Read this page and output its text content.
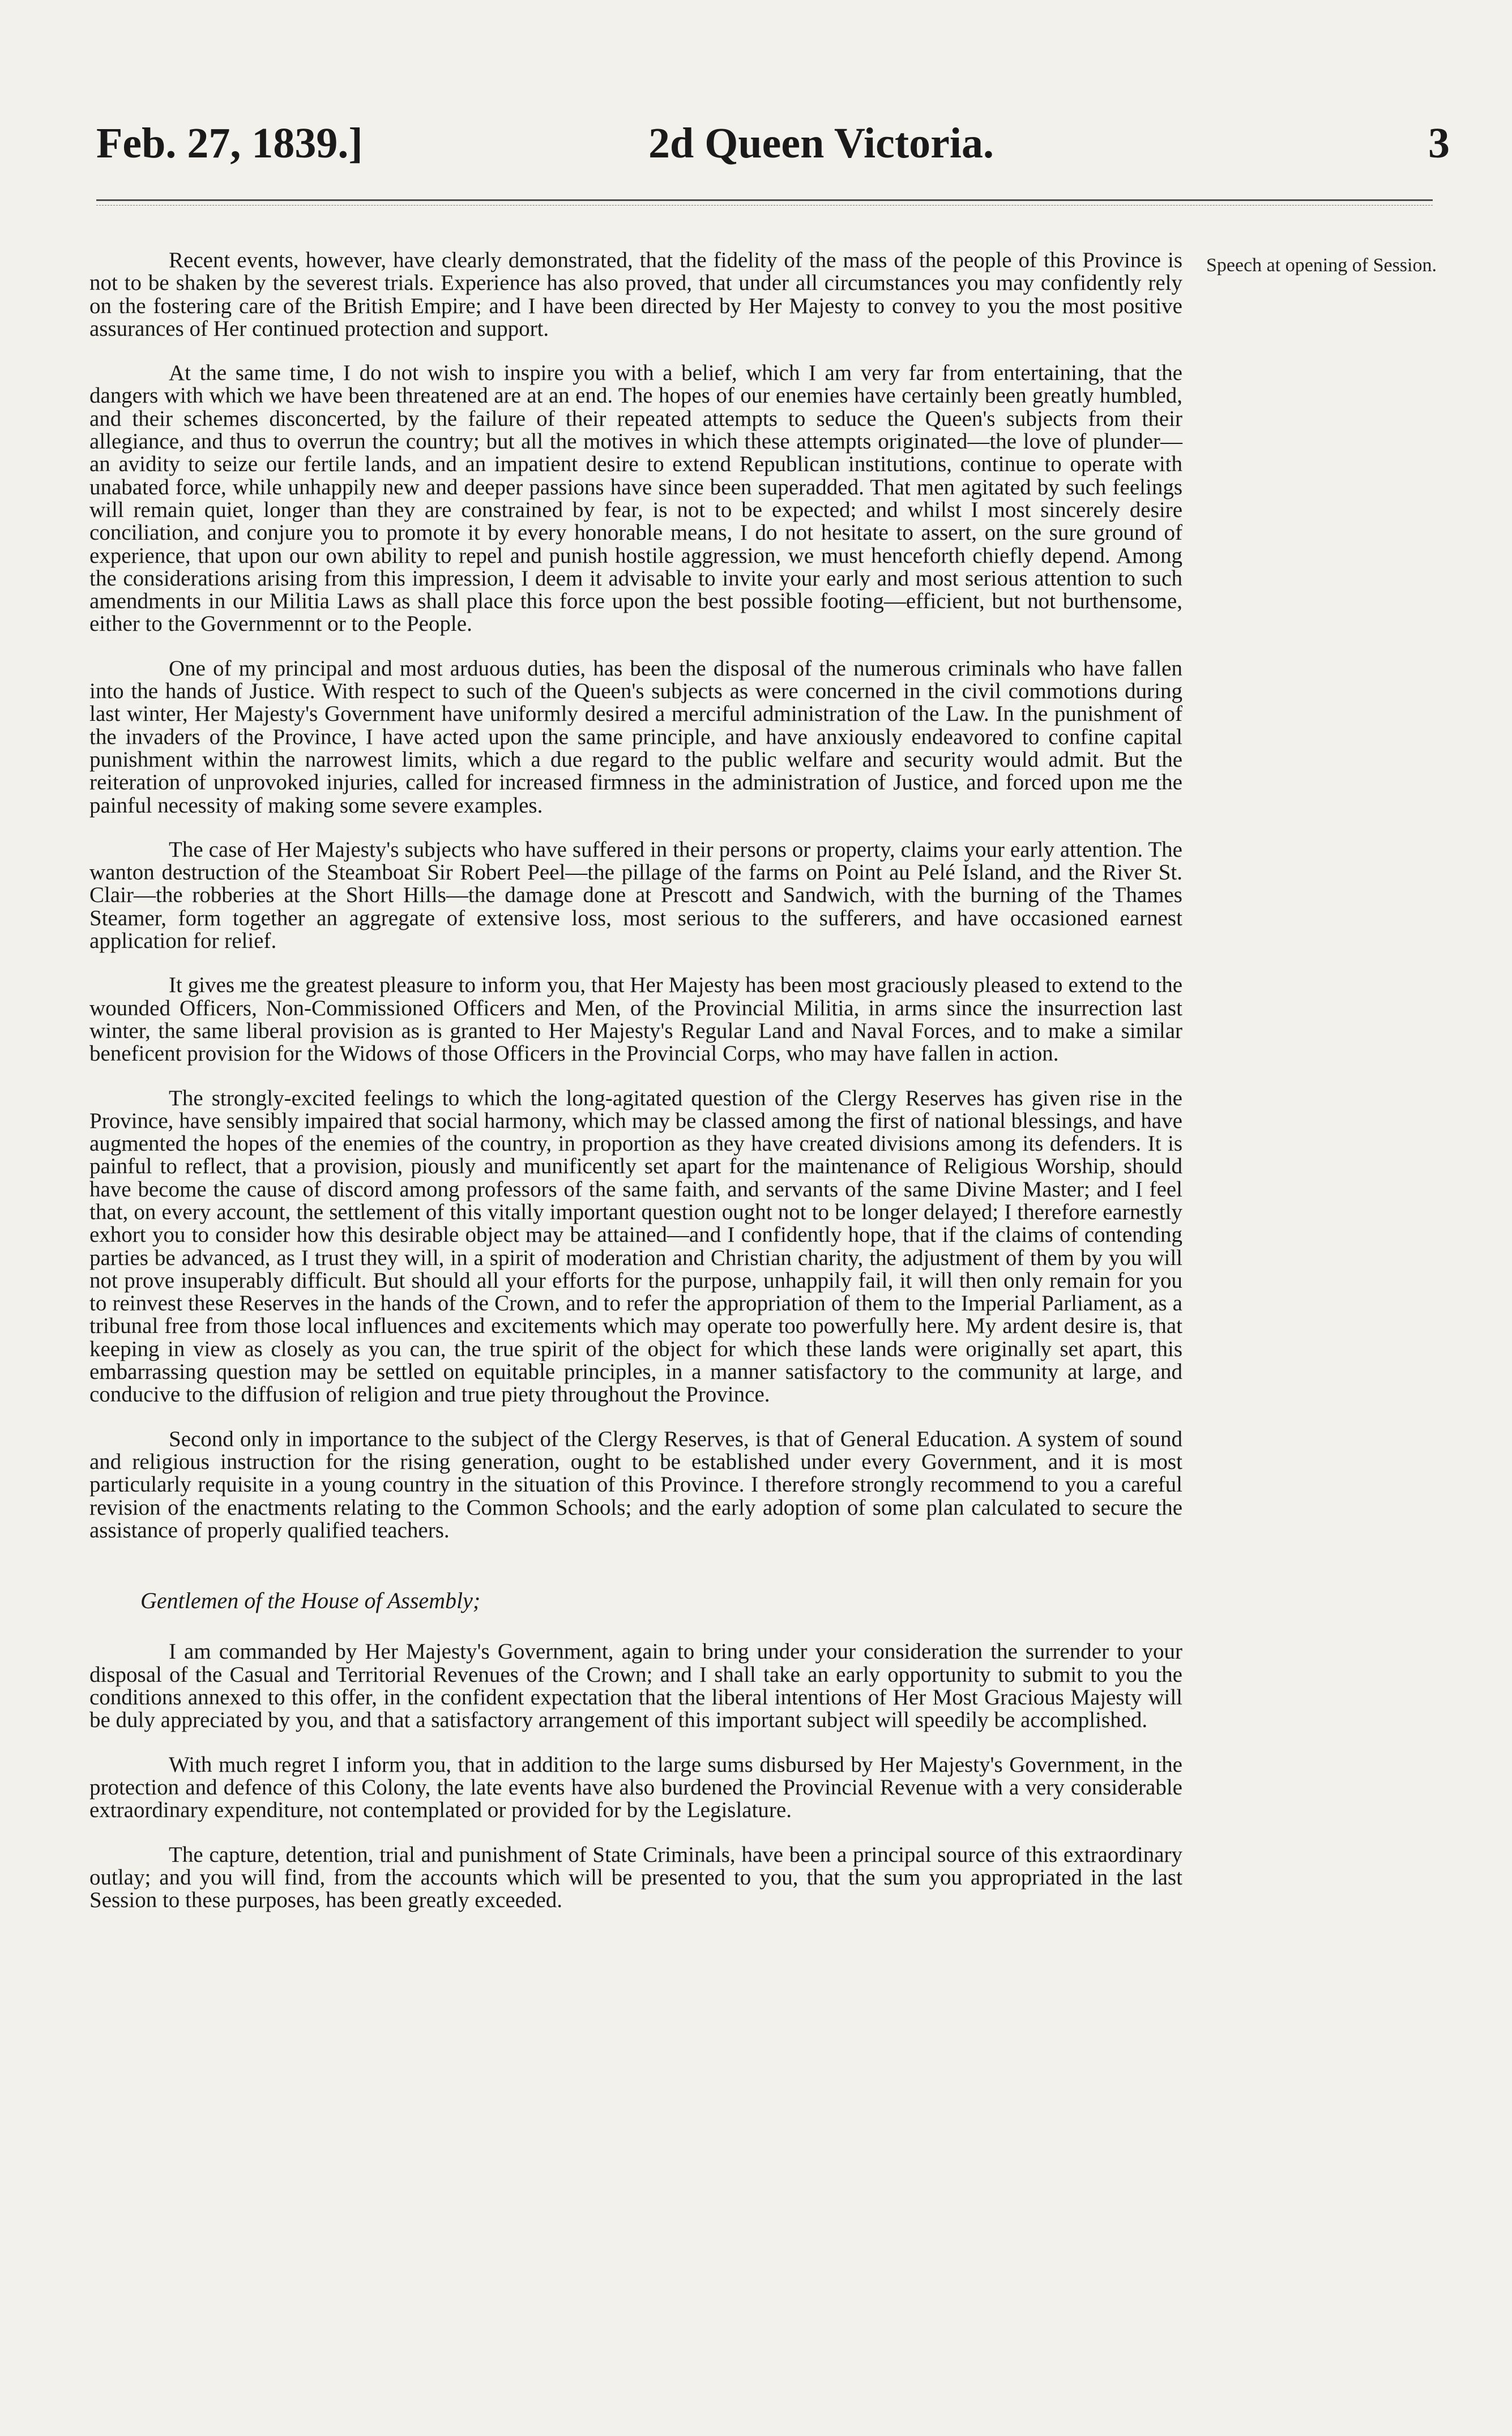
Feb. 27, 1839.]	2d Queen Victoria.	3
Speech at opening of Session.

Recent events, however, have clearly demonstrated, that the fidelity of the mass of the people of this Province is not to be shaken by the severest trials. Experience has also proved, that under all circumstances you may confidently rely on the fostering care of the British Empire; and I have been directed by Her Majesty to convey to you the most positive assurances of Her continued protection and support.

At the same time, I do not wish to inspire you with a belief, which I am very far from entertaining, that the dangers with which we have been threatened are at an end. The hopes of our enemies have certainly been greatly humbled, and their schemes disconcerted, by the failure of their repeated attempts to seduce the Queen's subjects from their allegiance, and thus to overrun the country; but all the motives in which these attempts originated—the love of plunder—an avidity to seize our fertile lands, and an impatient desire to extend Republican institutions, continue to operate with unabated force, while unhappily new and deeper passions have since been superadded. That men agitated by such feelings will remain quiet, longer than they are constrained by fear, is not to be expected; and whilst I most sincerely desire conciliation, and conjure you to promote it by every honorable means, I do not hesitate to assert, on the sure ground of experience, that upon our own ability to repel and punish hostile aggression, we must henceforth chiefly depend. Among the considerations arising from this impression, I deem it advisable to invite your early and most serious attention to such amendments in our Militia Laws as shall place this force upon the best possible footing—efficient, but not burthensome, either to the Governmennt or to the People.

One of my principal and most arduous duties, has been the disposal of the numerous criminals who have fallen into the hands of Justice. With respect to such of the Queen's subjects as were concerned in the civil commotions during last winter, Her Majesty's Government have uniformly desired a merciful administration of the Law. In the punishment of the invaders of the Province, I have acted upon the same principle, and have anxiously endeavored to confine capital punishment within the narrowest limits, which a due regard to the public welfare and security would admit. But the reiteration of unprovoked injuries, called for increased firmness in the administration of Justice, and forced upon me the painful necessity of making some severe examples.

The case of Her Majesty's subjects who have suffered in their persons or property, claims your early attention. The wanton destruction of the Steamboat Sir Robert Peel—the pillage of the farms on Point au Pelé Island, and the River St. Clair—the robberies at the Short Hills—the damage done at Prescott and Sandwich, with the burning of the Thames Steamer, form together an aggregate of extensive loss, most serious to the sufferers, and have occasioned earnest application for relief.

It gives me the greatest pleasure to inform you, that Her Majesty has been most graciously pleased to extend to the wounded Officers, Non-Commissioned Officers and Men, of the Provincial Militia, in arms since the insurrection last winter, the same liberal provision as is granted to Her Majesty's Regular Land and Naval Forces, and to make a similar beneficent provision for the Widows of those Officers in the Provincial Corps, who may have fallen in action.

The strongly-excited feelings to which the long-agitated question of the Clergy Reserves has given rise in the Province, have sensibly impaired that social harmony, which may be classed among the first of national blessings, and have augmented the hopes of the enemies of the country, in proportion as they have created divisions among its defenders. It is painful to reflect, that a provision, piously and munificently set apart for the maintenance of Religious Worship, should have become the cause of discord among professors of the same faith, and servants of the same Divine Master; and I feel that, on every account, the settlement of this vitally important question ought not to be longer delayed; I therefore earnestly exhort you to consider how this desirable object may be attained—and I confidently hope, that if the claims of contending parties be advanced, as I trust they will, in a spirit of moderation and Christian charity, the adjustment of them by you will not prove insuperably difficult. But should all your efforts for the purpose, unhappily fail, it will then only remain for you to reinvest these Reserves in the hands of the Crown, and to refer the appropriation of them to the Imperial Parliament, as a tribunal free from those local influences and excitements which may operate too powerfully here. My ardent desire is, that keeping in view as closely as you can, the true spirit of the object for which these lands were originally set apart, this embarrassing question may be settled on equitable principles, in a manner satisfactory to the community at large, and conducive to the diffusion of religion and true piety throughout the Province.

Second only in importance to the subject of the Clergy Reserves, is that of General Education. A system of sound and religious instruction for the rising generation, ought to be established under every Government, and it is most particularly requisite in a young country in the situation of this Province. I therefore strongly recommend to you a careful revision of the enactments relating to the Common Schools; and the early adoption of some plan calculated to secure the assistance of properly qualified teachers.

Gentlemen of the House of Assembly;

I am commanded by Her Majesty's Government, again to bring under your consideration the surrender to your disposal of the Casual and Territorial Revenues of the Crown; and I shall take an early opportunity to submit to you the conditions annexed to this offer, in the confident expectation that the liberal intentions of Her Most Gracious Majesty will be duly appreciated by you, and that a satisfactory arrangement of this important subject will speedily be accomplished.

With much regret I inform you, that in addition to the large sums disbursed by Her Majesty's Government, in the protection and defence of this Colony, the late events have also burdened the Provincial Revenue with a very considerable extraordinary expenditure, not contemplated or provided for by the Legislature.

The capture, detention, trial and punishment of State Criminals, have been a principal source of this extraordinary outlay; and you will find, from the accounts which will be presented to you, that the sum you appropriated in the last Session to these purposes, has been greatly exceeded.
